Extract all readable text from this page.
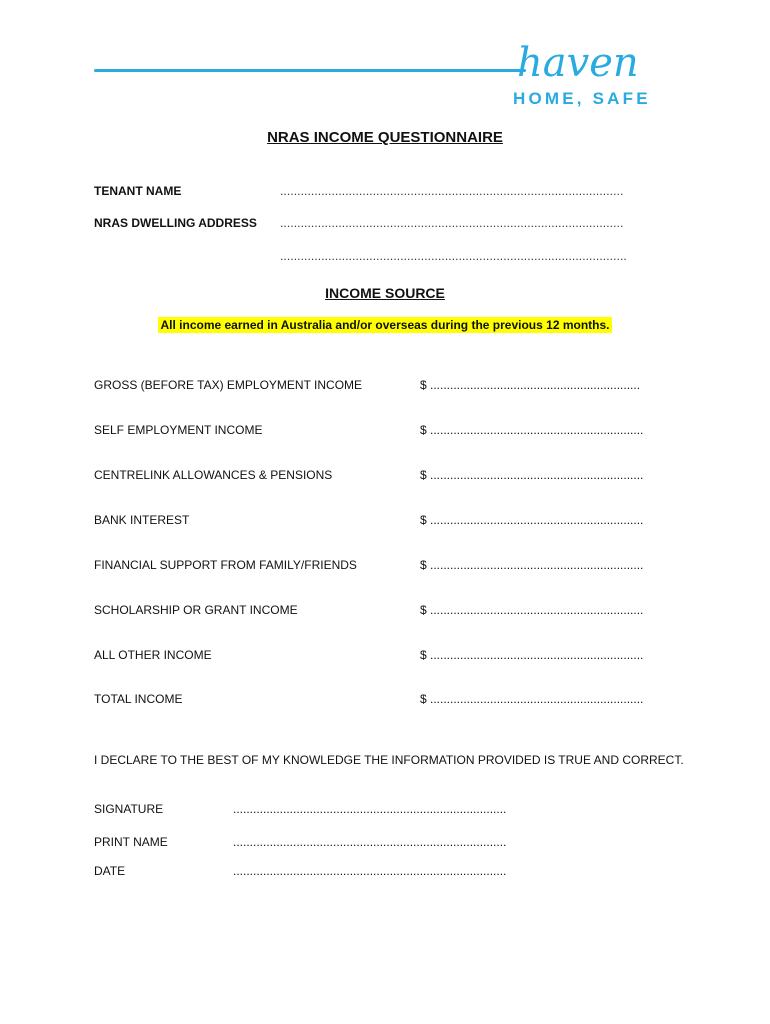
haven
HOME, SAFE
NRAS INCOME QUESTIONNAIRE
TENANT NAME	....................................................................................................
NRAS DWELLING ADDRESS ....................................................................................................
.....................................................................................................
INCOME SOURCE
All income earned in Australia and/or overseas during the previous 12 months.
GROSS (BEFORE TAX) EMPLOYMENT INCOME	$ ...............................................................
SELF EMPLOYMENT INCOME	$ ................................................................
CENTRELINK ALLOWANCES & PENSIONS	$ ................................................................
BANK INTEREST	$ ................................................................
FINANCIAL SUPPORT FROM FAMILY/FRIENDS	$ ................................................................
SCHOLARSHIP OR GRANT INCOME	$ ................................................................
ALL OTHER INCOME	$ ................................................................
TOTAL INCOME	$ ................................................................
I DECLARE TO THE BEST OF MY KNOWLEDGE THE INFORMATION PROVIDED IS TRUE AND CORRECT.
SIGNATURE	..................................................................................
PRINT NAME	..................................................................................
DATE	..................................................................................
